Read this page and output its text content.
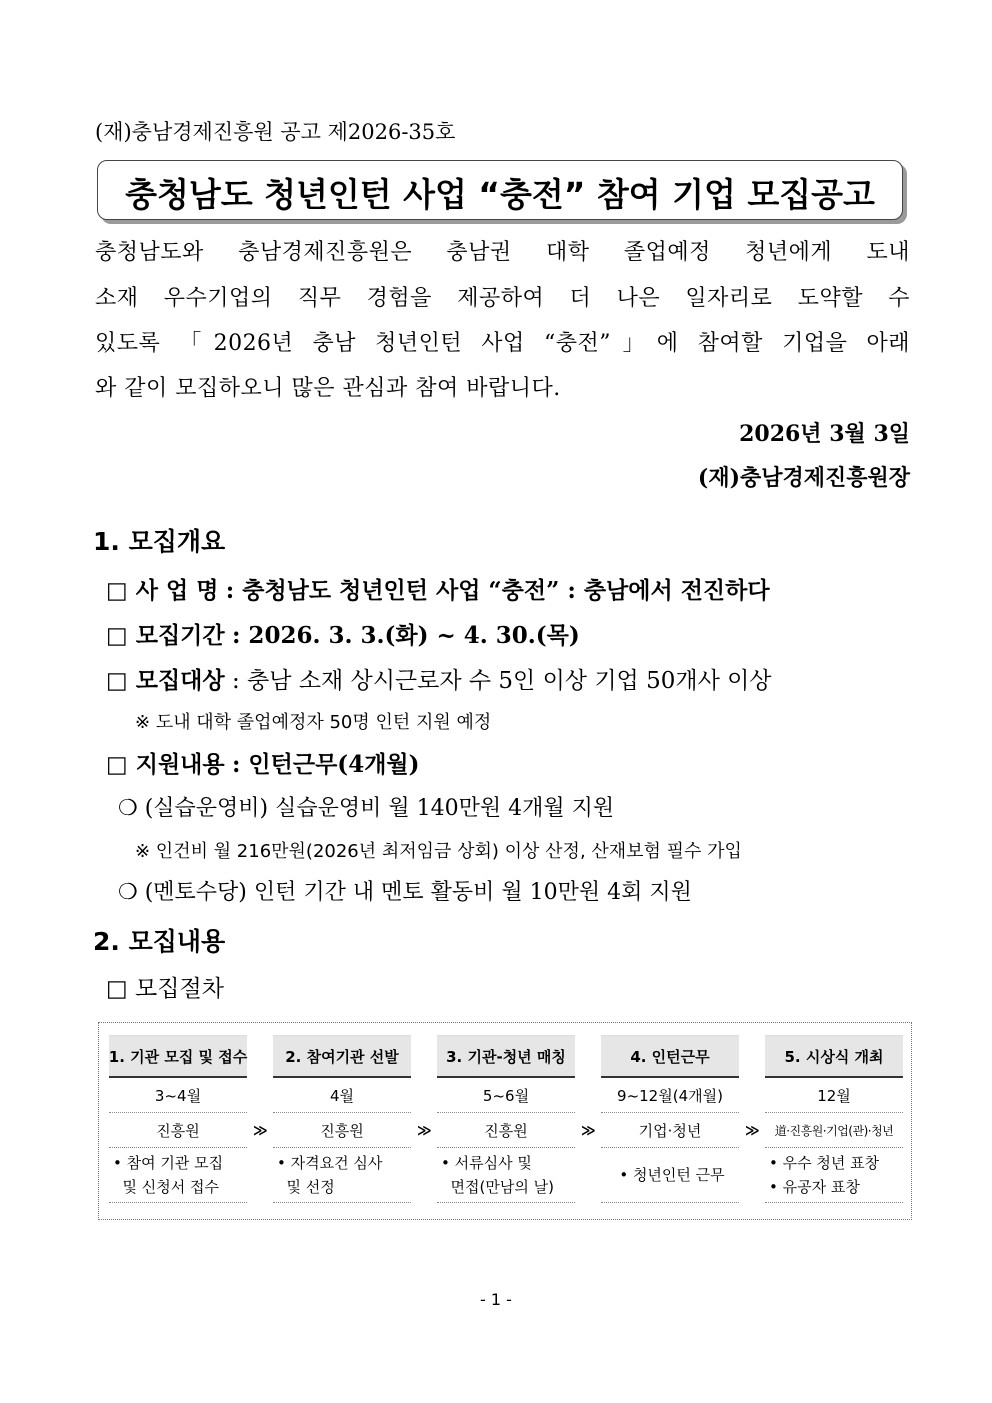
(재)충남경제진흥원 공고 제2026-35호
충청남도 청년인턴 사업 “충전” 참여 기업 모집공고
충청남도와 충남경제진흥원은 충남권 대학 졸업예정 청년에게 도내
소재 우수기업의 직무 경험을 제공하여 더 나은 일자리로 도약할 수
있도록 「2026년 충남 청년인턴 사업 “충전”」에 참여할 기업을 아래
와 같이 모집하오니 많은 관심과 참여 바랍니다.
2026년 3월 3일
(재)충남경제진흥원장
1. 모집개요
□ 사 업 명 : 충청남도 청년인턴 사업 “충전” : 충남에서 전진하다
□ 모집기간 : 2026. 3. 3.(화) ~ 4. 30.(목)
□ 모집대상 : 충남 소재 상시근로자 수 5인 이상 기업 50개사 이상
※ 도내 대학 졸업예정자 50명 인턴 지원 예정
□ 지원내용 : 인턴근무(4개월)
❍ (실습운영비) 실습운영비 월 140만원 4개월 지원
※ 인건비 월 216만원(2026년 최저임금 상회) 이상 산정, 산재보험 필수 가입
❍ (멘토수당) 인턴 기간 내 멘토 활동비 월 10만원 4회 지원
2. 모집내용
□ 모집절차
1. 기관 모집 및 접수
3~4월
진흥원
• 참여 기관 모집
및 신청서 접수
≫
2. 참여기관 선발
4월
진흥원
• 자격요건 심사
및 선정
≫
3. 기관-청년 매칭
5~6월
진흥원
• 서류심사 및
면접(만남의 날)
≫
4. 인턴근무
9~12월(4개월)
기업·청년
• 청년인턴 근무
≫
5. 시상식 개최
12월
道·진흥원·기업(관)·청년
• 우수 청년 표창
• 유공자 표창
- 1 -
